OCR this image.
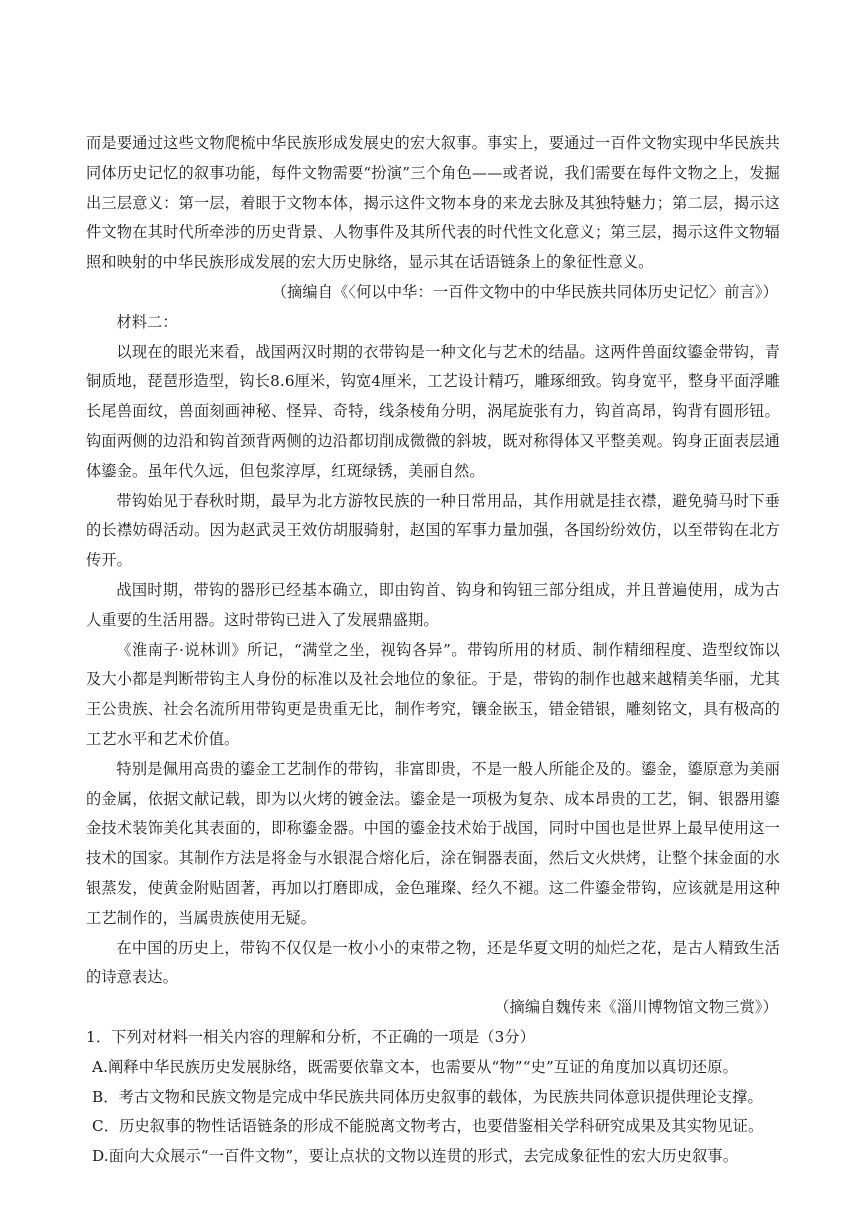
而是要通过这些文物爬梳中华民族形成发展史的宏大叙事。事实上，要通过一百件文物实现中华民族共同体历史记忆的叙事功能，每件文物需要“扮演”三个角色——或者说，我们需要在每件文物之上，发掘出三层意义：第一层，着眼于文物本体，揭示这件文物本身的来龙去脉及其独特魅力；第二层，揭示这件文物在其时代所牵涉的历史背景、人物事件及其所代表的时代性文化意义；第三层，揭示这件文物辐照和映射的中华民族形成发展的宏大历史脉络，显示其在话语链条上的象征性意义。

（摘编自《〈何以中华：一百件文物中的中华民族共同体历史记忆〉前言》）

材料二：

以现在的眼光来看，战国两汉时期的衣带钩是一种文化与艺术的结晶。这两件兽面纹鎏金带钩，青铜质地，琵琶形造型，钩长8.6厘米，钩宽4厘米，工艺设计精巧，雕琢细致。钩身宽平，整身平面浮雕长尾兽面纹，兽面刻画神秘、怪异、奇特，线条棱角分明，涡尾旋张有力，钩首高昂，钩背有圆形钮。钩面两侧的边沿和钩首颈背两侧的边沿都切削成微微的斜坡，既对称得体又平整美观。钩身正面表层通体鎏金。虽年代久远，但包浆淳厚，红斑绿锈，美丽自然。

带钩始见于春秋时期，最早为北方游牧民族的一种日常用品，其作用就是挂衣襟，避免骑马时下垂的长襟妨碍活动。因为赵武灵王效仿胡服骑射，赵国的军事力量加强，各国纷纷效仿，以至带钩在北方传开。

战国时期，带钩的器形已经基本确立，即由钩首、钩身和钩钮三部分组成，并且普遍使用，成为古人重要的生活用器。这时带钩已进入了发展鼎盛期。

《淮南子·说林训》所记，“满堂之坐，视钩各异”。带钩所用的材质、制作精细程度、造型纹饰以及大小都是判断带钩主人身份的标准以及社会地位的象征。于是，带钩的制作也越来越精美华丽，尤其王公贵族、社会名流所用带钩更是贵重无比，制作考究，镶金嵌玉，错金错银，雕刻铭文，具有极高的工艺水平和艺术价值。

特别是佩用高贵的鎏金工艺制作的带钩，非富即贵，不是一般人所能企及的。鎏金，鎏原意为美丽的金属，依据文献记载，即为以火烤的镀金法。鎏金是一项极为复杂、成本昂贵的工艺，铜、银器用鎏金技术装饰美化其表面的，即称鎏金器。中国的鎏金技术始于战国，同时中国也是世界上最早使用这一技术的国家。其制作方法是将金与水银混合熔化后，涂在铜器表面，然后文火烘烤，让整个抹金面的水银蒸发，使黄金附贴固著，再加以打磨即成，金色璀璨、经久不褪。这二件鎏金带钩，应该就是用这种工艺制作的，当属贵族使用无疑。

在中国的历史上，带钩不仅仅是一枚小小的束带之物，还是华夏文明的灿烂之花，是古人精致生活的诗意表达。

（摘编自魏传来《淄川博物馆文物三赏》）

1．下列对材料一相关内容的理解和分析，不正确的一项是（3分）

A.阐释中华民族历史发展脉络，既需要依靠文本，也需要从“物”“史”互证的角度加以真切还原。

B．考古文物和民族文物是完成中华民族共同体历史叙事的载体，为民族共同体意识提供理论支撑。

C．历史叙事的物性话语链条的形成不能脱离文物考古，也要借鉴相关学科研究成果及其实物见证。

D.面向大众展示“一百件文物”，要让点状的文物以连贯的形式，去完成象征性的宏大历史叙事。
